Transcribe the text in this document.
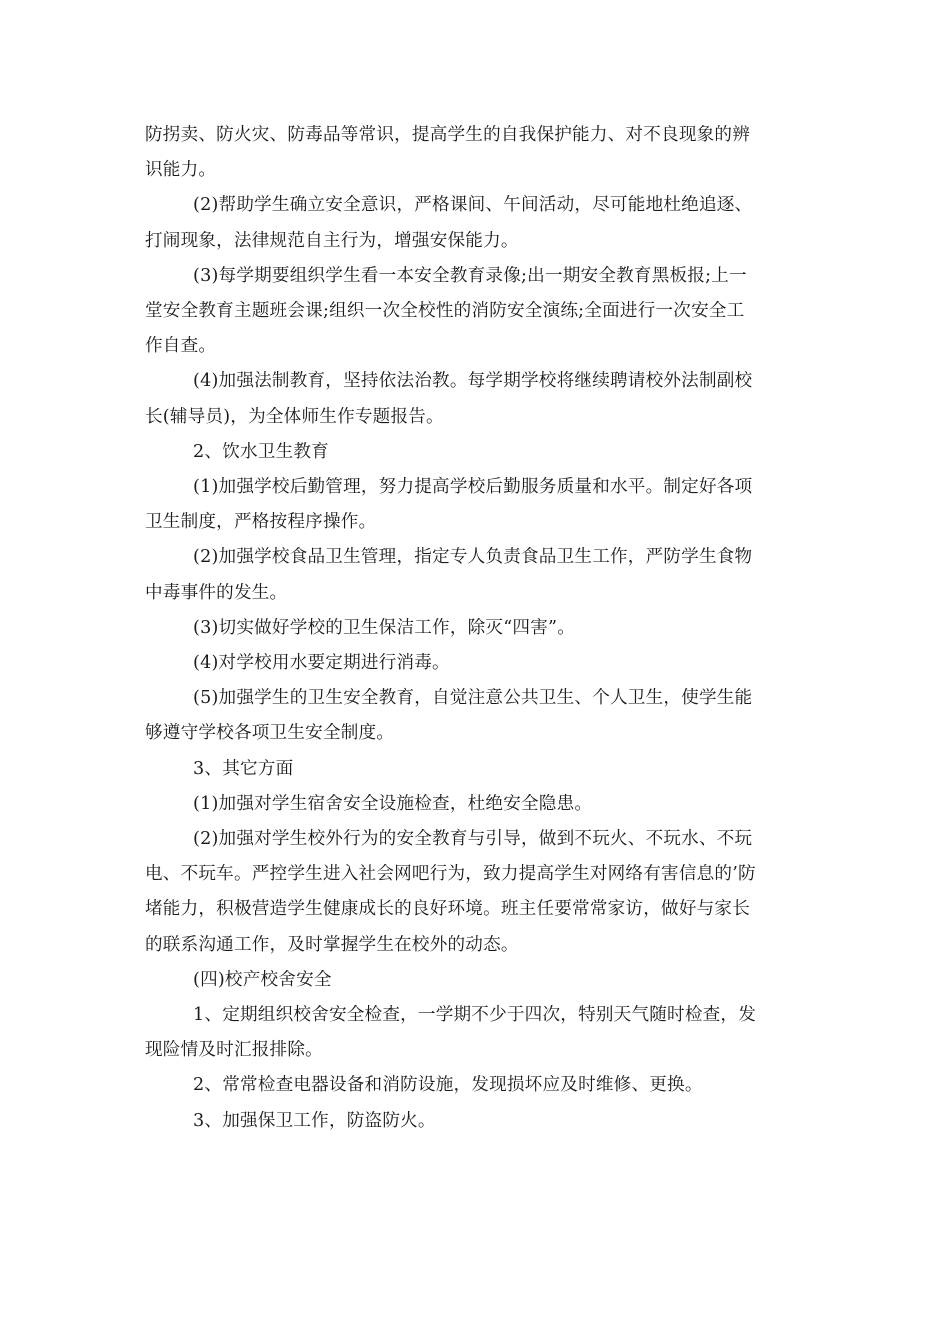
防拐卖、防火灾、防毒品等常识，提高学生的自我保护能力、对不良现象的辨
识能力。
(2)帮助学生确立安全意识，严格课间、午间活动，尽可能地杜绝追逐、
打闹现象，法律规范自主行为，增强安保能力。
(3)每学期要组织学生看一本安全教育录像;出一期安全教育黑板报;上一
堂安全教育主题班会课;组织一次全校性的消防安全演练;全面进行一次安全工
作自查。
(4)加强法制教育，坚持依法治教。每学期学校将继续聘请校外法制副校
长(辅导员)，为全体师生作专题报告。
2、饮水卫生教育
(1)加强学校后勤管理，努力提高学校后勤服务质量和水平。制定好各项
卫生制度，严格按程序操作。
(2)加强学校食品卫生管理，指定专人负责食品卫生工作，严防学生食物
中毒事件的发生。
(3)切实做好学校的卫生保洁工作，除灭“四害”。
(4)对学校用水要定期进行消毒。
(5)加强学生的卫生安全教育，自觉注意公共卫生、个人卫生，使学生能
够遵守学校各项卫生安全制度。
3、其它方面
(1)加强对学生宿舍安全设施检查，杜绝安全隐患。
(2)加强对学生校外行为的安全教育与引导，做到不玩火、不玩水、不玩
电、不玩车。严控学生进入社会网吧行为，致力提高学生对网络有害信息的’防
堵能力，积极营造学生健康成长的良好环境。班主任要常常家访，做好与家长
的联系沟通工作，及时掌握学生在校外的动态。
(四)校产校舍安全
1、定期组织校舍安全检查，一学期不少于四次，特别天气随时检查，发
现险情及时汇报排除。
2、常常检查电器设备和消防设施，发现损坏应及时维修、更换。
3、加强保卫工作，防盗防火。
